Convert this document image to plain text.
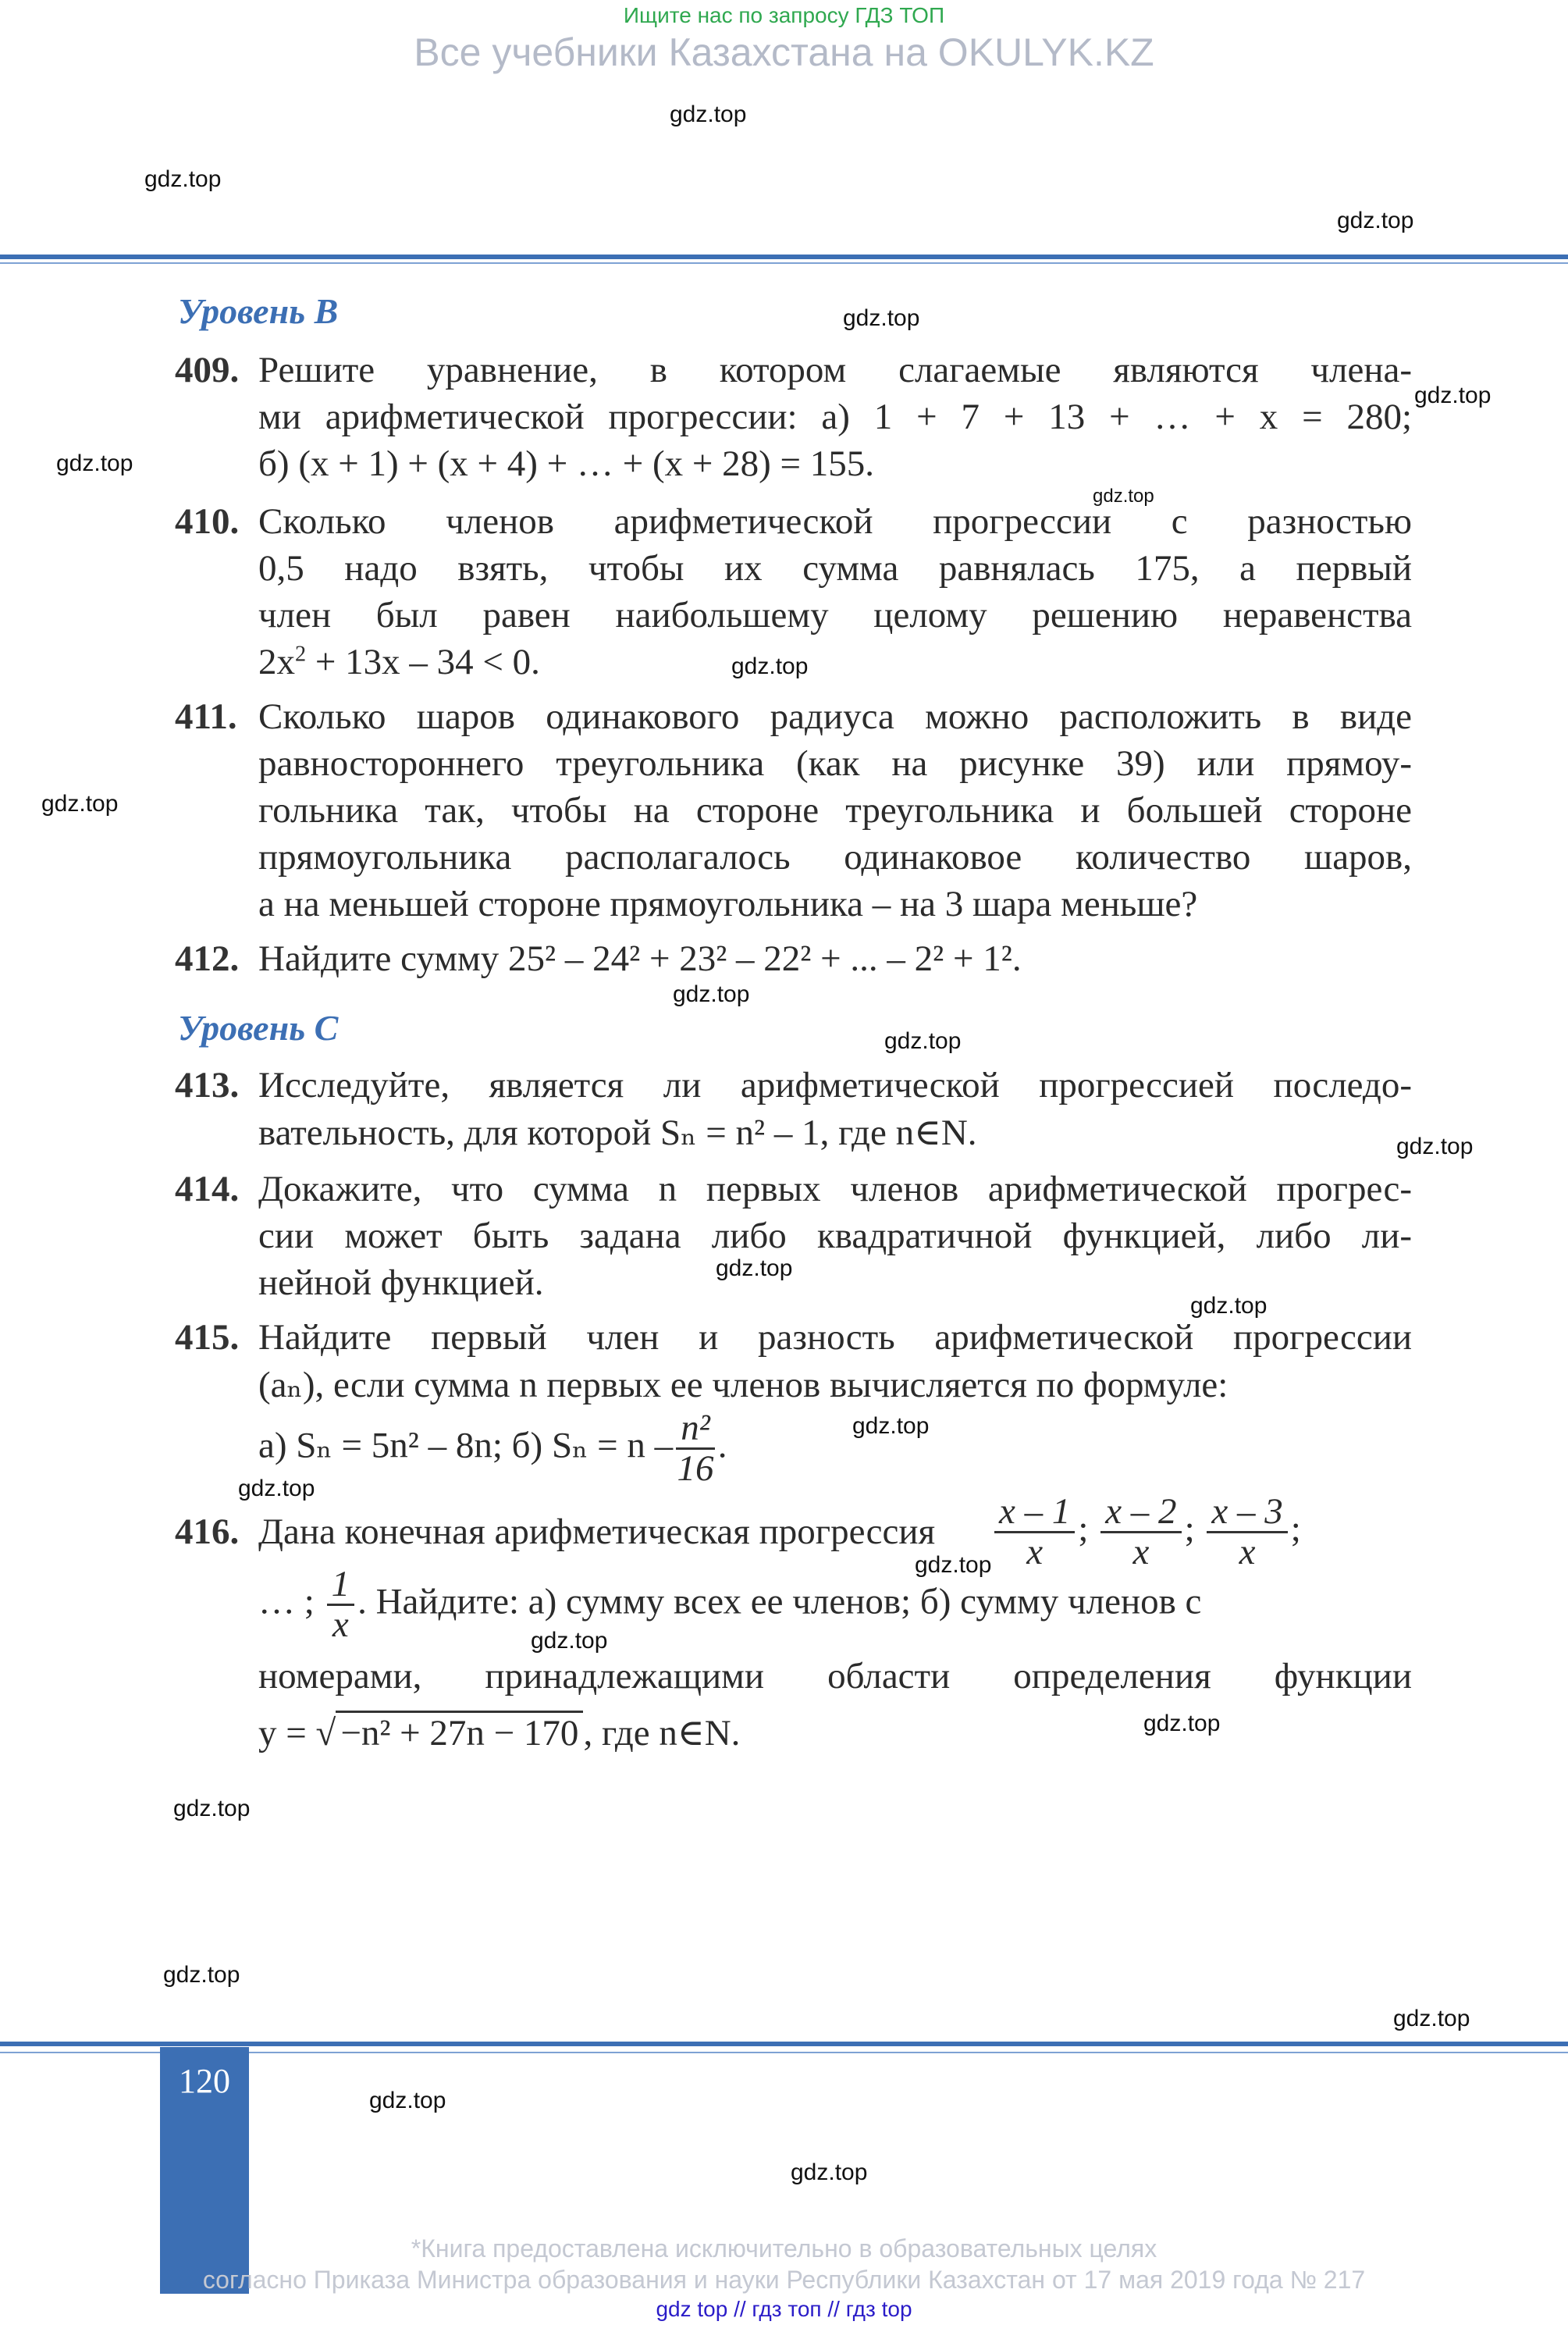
Ищите нас по запросу ГДЗ ТОП
Все учебники Казахстана на OKULYK.KZ
gdz.top
gdz.top
gdz.top
Уровень B	gdz.top
409. Решите уравнение, в котором слагаемые являются члена-
ми арифметической прогрессии: а) 1 + 7 + 13 + … + x = 280;
б) (x + 1) + (x + 4) + … + (x + 28) = 155.
gdz.top
gdz.top
gdz.top
410. Сколько членов арифметической прогрессии с разностью
0,5 надо взять, чтобы их сумма равнялась 175, а первый
член был равен наибольшему целому решению неравенства
$2x^2 + 13x - 34 < 0$.	gdz.top
411. Сколько шаров одинакового радиуса можно расположить в виде
равностороннего треугольника (как на рисунке 39) или прямоу-
гольника так, чтобы на стороне треугольника и большей стороне
прямоугольника располагалось одинаковое количество шаров,
а на меньшей стороне прямоугольника – на 3 шара меньше?
gdz.top
412. Найдите сумму 25² – 24² + 23² – 22² + ... – 2² + 1².
gdz.top
Уровень C	gdz.top
413. Исследуйте, является ли арифметической прогрессией последо-
вательность, для которой Sₙ = n² – 1, где n∈N.	gdz.top
414. Докажите, что сумма n первых членов арифметической прогрес-
сии может быть задана либо квадратичной функцией, либо ли-
нейной функцией.	gdz.top
gdz.top
415. Найдите первый член и разность арифметической прогрессии
(aₙ), если сумма n первых ее членов вычисляется по формуле:
а) Sₙ = 5n² – 8n; б) $S_n = n - \frac{\text{n²}}{16}$ .	gdz.top
gdz.top
416. Дана конечная арифметическая прогрессия $\frac{x - 1}{x}$ ; $\frac{x - 2}{x}$ ; $\frac{x - 3}{x}$ ;
gdz.top
… ; $\frac{1}{x}$ . Найдите: а) сумму всех ее членов; б) сумму членов с
gdz.top
номерами, принадлежащими области определения функции
y = √ −n² + 27n − 170 , где n∈N.	gdz.top
gdz.top
gdz.top
gdz.top
120
gdz.top
gdz.top
*Книга предоставлена исключительно в образовательных целях
согласно Приказа Министра образования и науки Республики Казахстан от 17 мая 2019 года № 217
gdz top // гдз топ // гдз top
